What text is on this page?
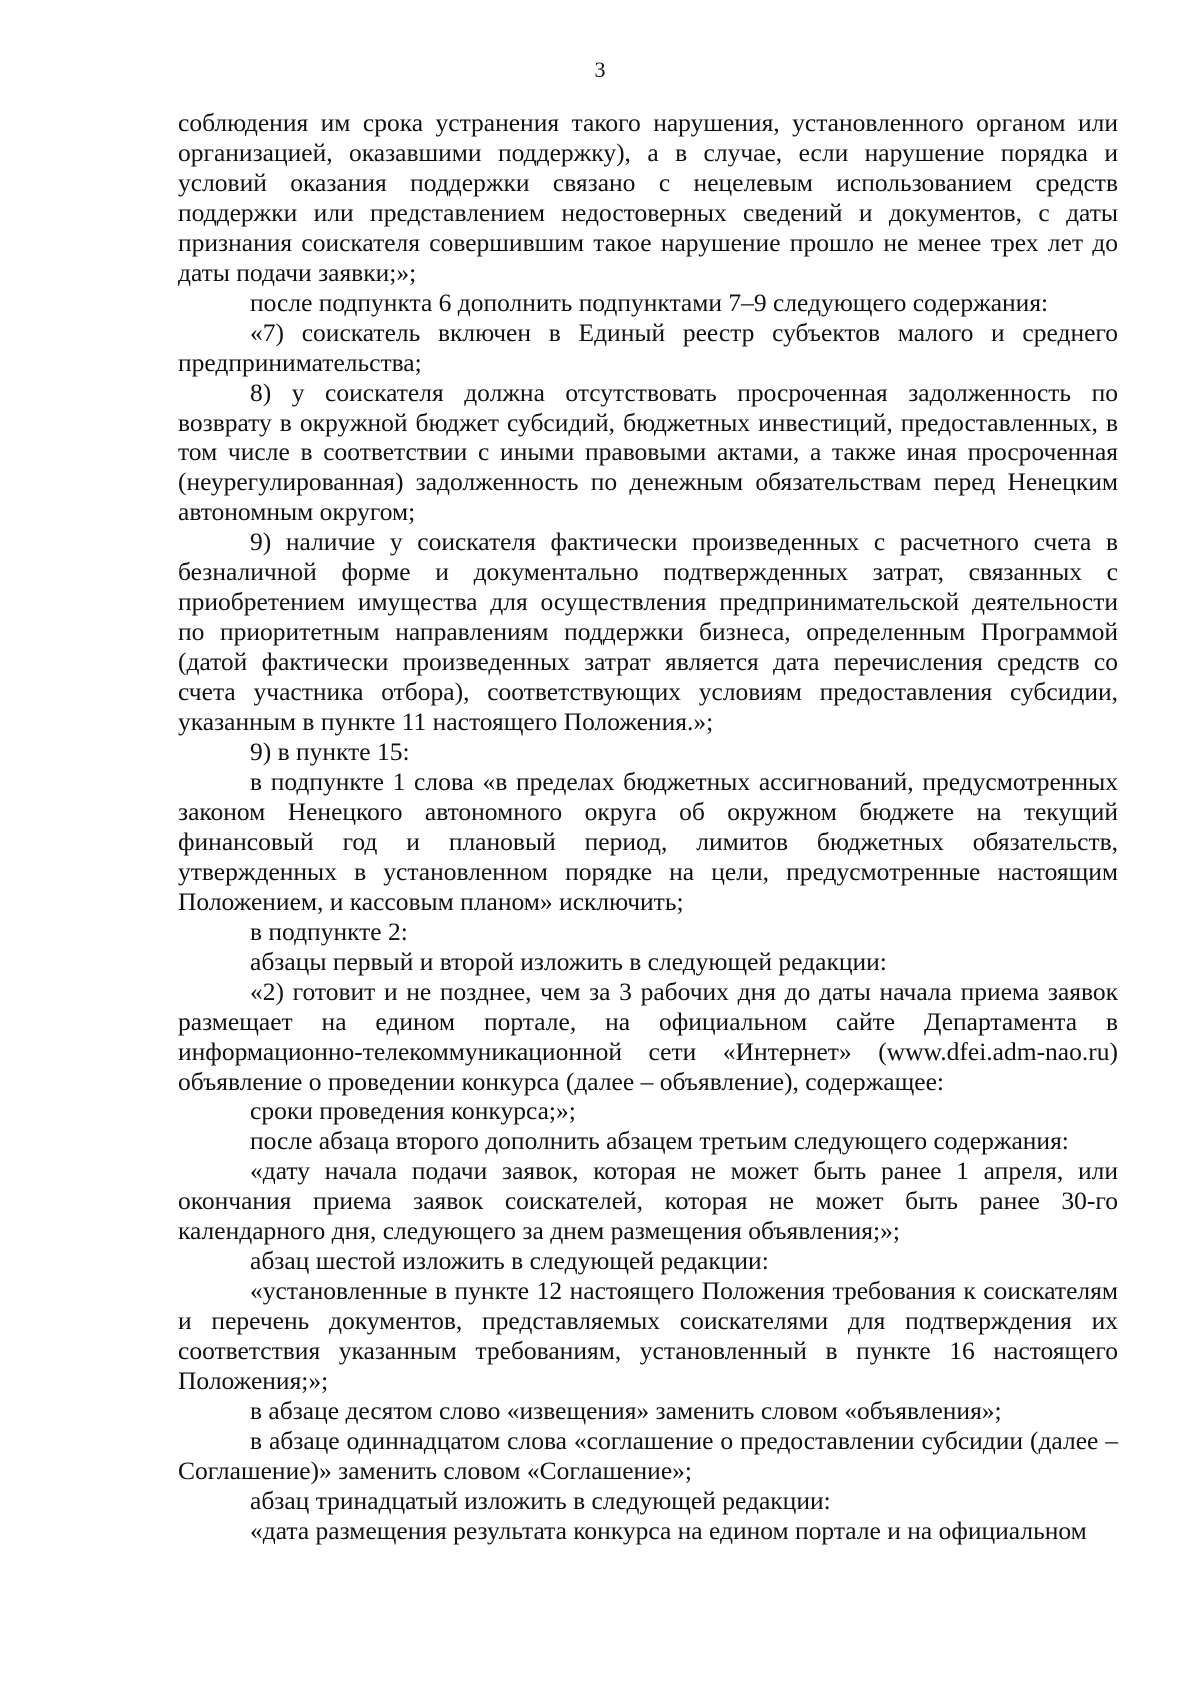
3

соблюдения им срока устранения такого нарушения, установленного органом или организацией, оказавшими поддержку), а в случае, если нарушение порядка и условий оказания поддержки связано с нецелевым использованием средств поддержки или представлением недостоверных сведений и документов, с даты признания соискателя совершившим такое нарушение прошло не менее трех лет до даты подачи заявки;»;

после подпункта 6 дополнить подпунктами 7–9 следующего содержания:

«7) соискатель включен в Единый реестр субъектов малого и среднего предпринимательства;

8) у соискателя должна отсутствовать просроченная задолженность по возврату в окружной бюджет субсидий, бюджетных инвестиций, предоставленных, в том числе в соответствии с иными правовыми актами, а также иная просроченная (неурегулированная) задолженность по денежным обязательствам перед Ненецким автономным округом;

9) наличие у соискателя фактически произведенных с расчетного счета в безналичной форме и документально подтвержденных затрат, связанных с приобретением имущества для осуществления предпринимательской деятельности по приоритетным направлениям поддержки бизнеса, определенным Программой (датой фактически произведенных затрат является дата перечисления средств со счета участника отбора), соответствующих условиям предоставления субсидии, указанным в пункте 11 настоящего Положения.»;

9) в пункте 15:

в подпункте 1 слова «в пределах бюджетных ассигнований, предусмотренных законом Ненецкого автономного округа об окружном бюджете на текущий финансовый год и плановый период, лимитов бюджетных обязательств, утвержденных в установленном порядке на цели, предусмотренные настоящим Положением, и кассовым планом» исключить;

в подпункте 2:

абзацы первый и второй изложить в следующей редакции:

«2) готовит и не позднее, чем за 3 рабочих дня до даты начала приема заявок размещает на едином портале, на официальном сайте Департамента в информационно-телекоммуникационной сети «Интернет» (www.dfei.adm-nao.ru) объявление о проведении конкурса (далее – объявление), содержащее:

сроки проведения конкурса;»;

после абзаца второго дополнить абзацем третьим следующего содержания:

«дату начала подачи заявок, которая не может быть ранее 1 апреля, или окончания приема заявок соискателей, которая не может быть ранее 30-го календарного дня, следующего за днем размещения объявления;»;

абзац шестой изложить в следующей редакции:

«установленные в пункте 12 настоящего Положения требования к соискателям и перечень документов, представляемых соискателями для подтверждения их соответствия указанным требованиям, установленный в пункте 16 настоящего Положения;»;

в абзаце десятом слово «извещения» заменить словом «объявления»;

в абзаце одиннадцатом слова «соглашение о предоставлении субсидии (далее – Соглашение)» заменить словом «Соглашение»;

абзац тринадцатый изложить в следующей редакции:

«дата размещения результата конкурса на едином портале и на официальном
